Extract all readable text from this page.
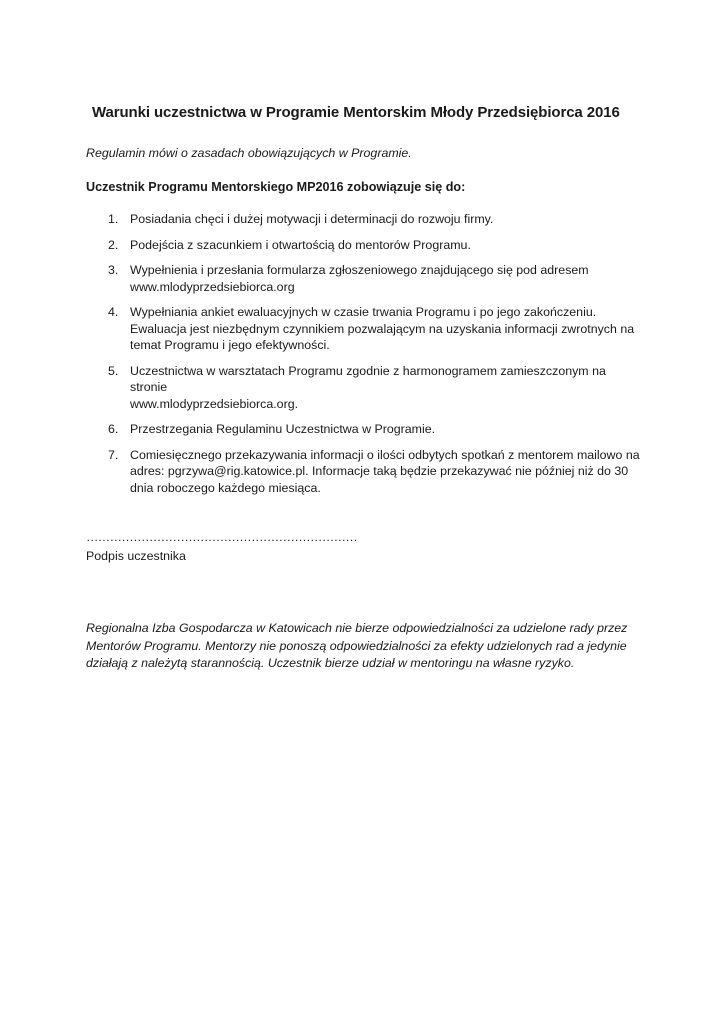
Warunki uczestnictwa w Programie Mentorskim Młody Przedsiębiorca 2016
Regulamin mówi o zasadach obowiązujących w Programie.
Uczestnik Programu Mentorskiego MP2016 zobowiązuje się do:
1. Posiadania chęci i dużej motywacji i determinacji do rozwoju firmy.
2. Podejścia z szacunkiem i otwartością do mentorów Programu.
3. Wypełnienia i przesłania formularza zgłoszeniowego znajdującego się pod adresem
www.mlodyprzedsiebiorca.org
4. Wypełniania ankiet ewaluacyjnych w czasie trwania Programu i po jego zakończeniu.
Ewaluacja jest niezbędnym czynnikiem pozwalającym na uzyskania informacji zwrotnych na
temat Programu i jego efektywności.
5. Uczestnictwa w warsztatach Programu zgodnie z harmonogramem zamieszczonym na stronie
www.mlodyprzedsiebiorca.org.
6. Przestrzegania Regulaminu Uczestnictwa w Programie.
7. Comiesięcznego przekazywania informacji o ilości odbytych spotkań z mentorem mailowo na
adres: pgrzywa@rig.katowice.pl. Informacje taką będzie przekazywać nie później niż do 30
dnia roboczego każdego miesiąca.
……………………………………………………………
Podpis uczestnika
Regionalna Izba Gospodarcza w Katowicach nie bierze odpowiedzialności za udzielone rady przez
Mentorów Programu. Mentorzy nie ponoszą odpowiedzialności za efekty udzielonych rad a jedynie
działają z należytą starannością. Uczestnik bierze udział w mentoringu na własne ryzyko.
